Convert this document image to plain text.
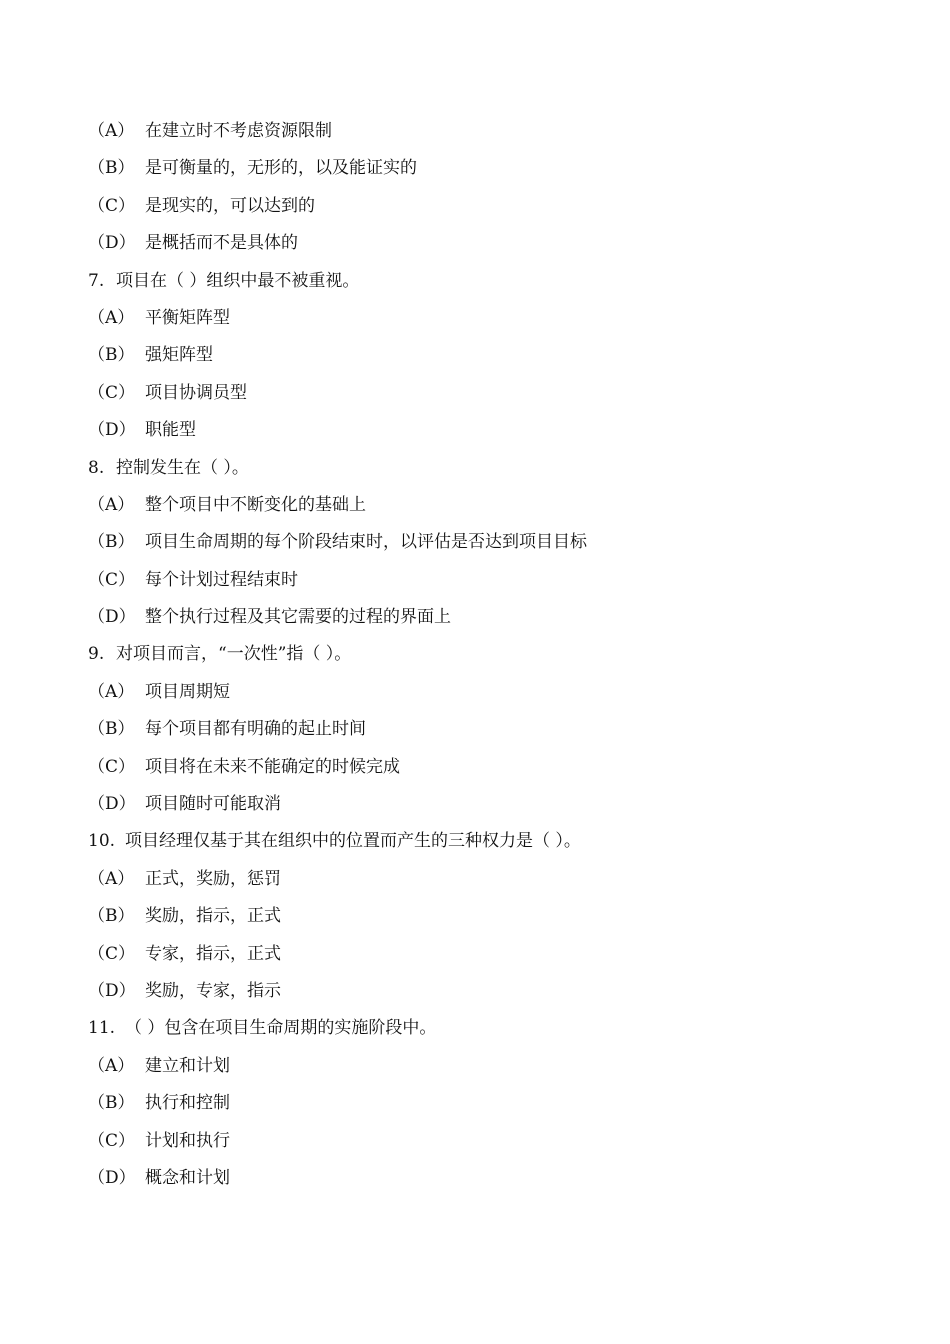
（A） 在建立时不考虑资源限制
（B） 是可衡量的，无形的，以及能证实的
（C） 是现实的，可以达到的
（D） 是概括而不是具体的
7. 项目在（ ）组织中最不被重视。
（A） 平衡矩阵型
（B） 强矩阵型
（C） 项目协调员型
（D） 职能型
8. 控制发生在（ ）。
（A） 整个项目中不断变化的基础上
（B） 项目生命周期的每个阶段结束时，以评估是否达到项目目标
（C） 每个计划过程结束时
（D） 整个执行过程及其它需要的过程的界面上
9. 对项目而言，“一次性”指（ ）。
（A） 项目周期短
（B） 每个项目都有明确的起止时间
（C） 项目将在未来不能确定的时候完成
（D） 项目随时可能取消
10. 项目经理仅基于其在组织中的位置而产生的三种权力是（ ）。
（A） 正式，奖励，惩罚
（B） 奖励，指示，正式
（C） 专家，指示，正式
（D） 奖励，专家，指示
11. （ ）包含在项目生命周期的实施阶段中。
（A） 建立和计划
（B） 执行和控制
（C） 计划和执行
（D） 概念和计划
